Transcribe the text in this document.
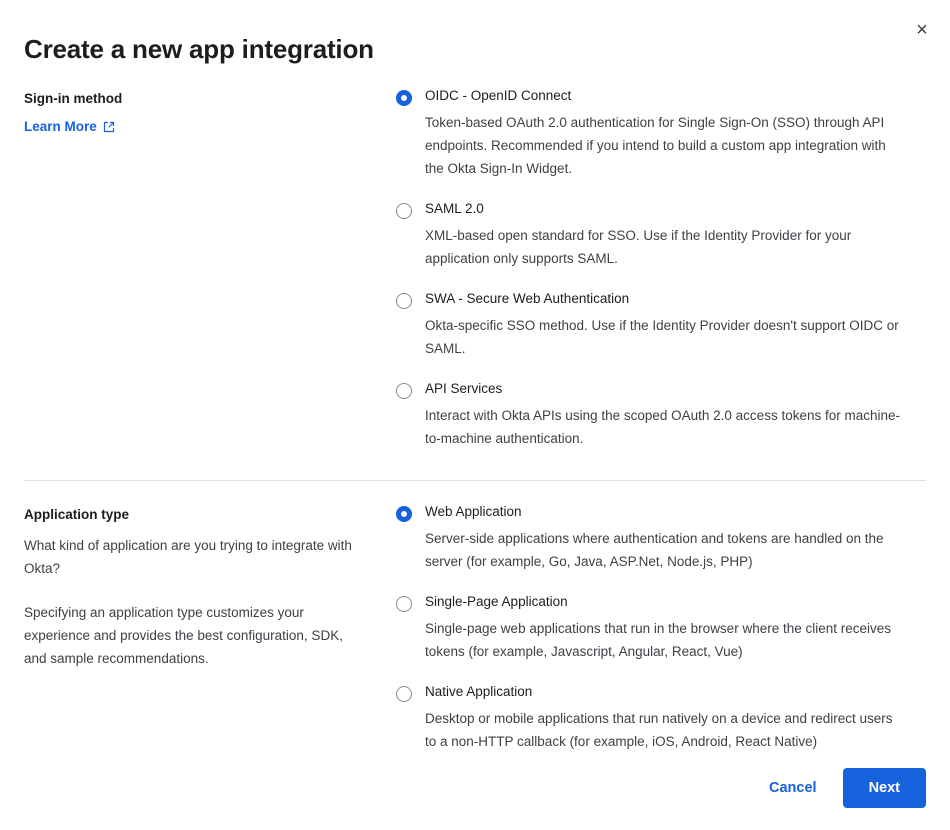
×
Create a new app integration
Sign-in method
Learn More
OIDC - OpenID Connect
Token-based OAuth 2.0 authentication for Single Sign-On (SSO) through API endpoints. Recommended if you intend to build a custom app integration with the Okta Sign-In Widget.
SAML 2.0
XML-based open standard for SSO. Use if the Identity Provider for your application only supports SAML.
SWA - Secure Web Authentication
Okta-specific SSO method. Use if the Identity Provider doesn't support OIDC or SAML.
API Services
Interact with Okta APIs using the scoped OAuth 2.0 access tokens for machine-to-machine authentication.
Application type

What kind of application are you trying to integrate with Okta?

Specifying an application type customizes your experience and provides the best configuration, SDK, and sample recommendations.

Web Application
Server-side applications where authentication and tokens are handled on the server (for example, Go, Java, ASP.Net, Node.js, PHP)
Single-Page Application
Single-page web applications that run in the browser where the client receives tokens (for example, Javascript, Angular, React, Vue)
Native Application
Desktop or mobile applications that run natively on a device and redirect users to a non-HTTP callback (for example, iOS, Android, React Native)
Cancel	Next
